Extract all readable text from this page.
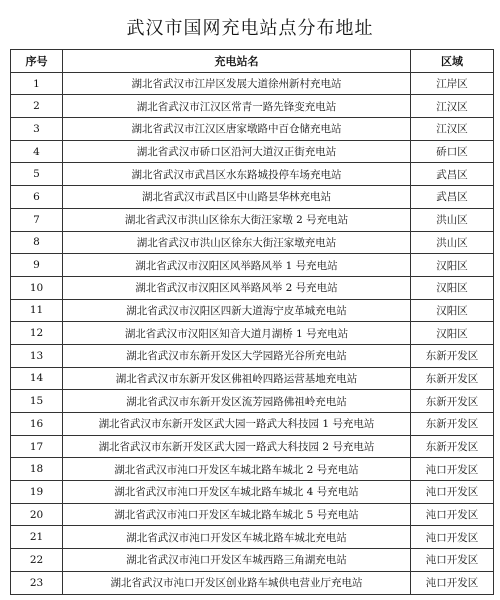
武汉市国网充电站点分布地址
序号	充电站名	区域
1	湖北省武汉市江岸区发展大道徐州新村充电站	江岸区
2	湖北省武汉市江汉区常青一路先锋变充电站	江汉区
3	湖北省武汉市江汉区唐家墩路中百仓储充电站	江汉区
4	湖北省武汉市硚口区沿河大道汉正街充电站	硚口区
5	湖北省武汉市武昌区水东路城投停车场充电站	武昌区
6	湖北省武汉市武昌区中山路昙华林充电站	武昌区
7	湖北省武汉市洪山区徐东大街汪家墩 2 号充电站	洪山区
8	湖北省武汉市洪山区徐东大街汪家墩充电站	洪山区
9	湖北省武汉市汉阳区风举路风举 1 号充电站	汉阳区
10	湖北省武汉市汉阳区风举路风举 2 号充电站	汉阳区
11	湖北省武汉市汉阳区四新大道海宁皮革城充电站	汉阳区
12	湖北省武汉市汉阳区知音大道月湖桥 1 号充电站	汉阳区
13	湖北省武汉市东新开发区大学园路光谷所充电站	东新开发区
14	湖北省武汉市东新开发区佛祖岭四路运营基地充电站	东新开发区
15	湖北省武汉市东新开发区流芳园路佛祖岭充电站	东新开发区
16	湖北省武汉市东新开发区武大园一路武大科技园 1 号充电站	东新开发区
17	湖北省武汉市东新开发区武大园一路武大科技园 2 号充电站	东新开发区
18	湖北省武汉市沌口开发区车城北路车城北 2 号充电站	沌口开发区
19	湖北省武汉市沌口开发区车城北路车城北 4 号充电站	沌口开发区
20	湖北省武汉市沌口开发区车城北路车城北 5 号充电站	沌口开发区
21	湖北省武汉市沌口开发区车城北路车城北充电站	沌口开发区
22	湖北省武汉市沌口开发区车城西路三角湖充电站	沌口开发区
23	湖北省武汉市沌口开发区创业路车城供电营业厅充电站	沌口开发区
